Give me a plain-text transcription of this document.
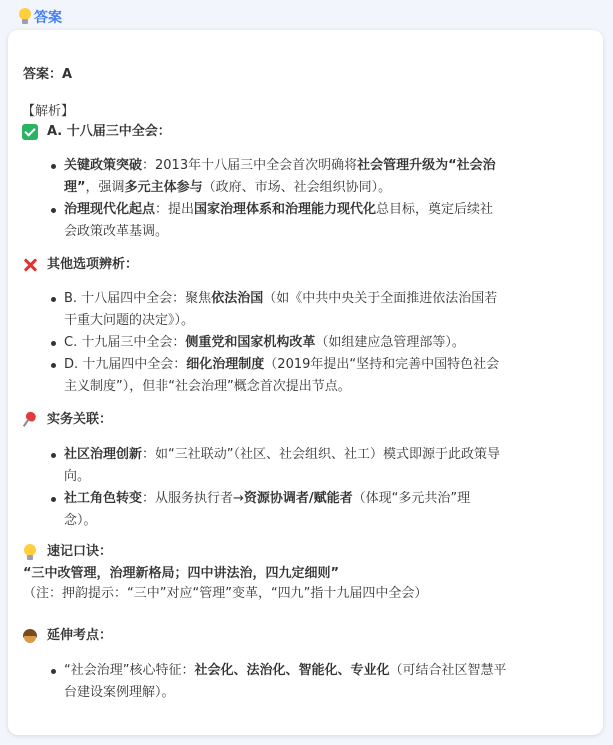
答案
答案：A
【解析】
A. 十八届三中全会：
关键政策突破：2013年十八届三中全会首次明确将社会管理升级为“社会治
理”，强调多元主体参与（政府、市场、社会组织协同）。
治理现代化起点：提出国家治理体系和治理能力现代化总目标，奠定后续社
会政策改革基调。
其他选项辨析：
B. 十八届四中全会：聚焦依法治国（如《中共中央关于全面推进依法治国若
干重大问题的决定》）。
C. 十九届三中全会：侧重党和国家机构改革（如组建应急管理部等）。
D. 十九届四中全会：细化治理制度（2019年提出“坚持和完善中国特色社会
主义制度”），但非“社会治理”概念首次提出节点。
实务关联：
社区治理创新：如“三社联动”（社区、社会组织、社工）模式即源于此政策导
向。
社工角色转变：从服务执行者→资源协调者/赋能者（体现“多元共治”理
念）。
速记口诀：
“三中改管理，治理新格局；四中讲法治，四九定细则”
（注：押韵提示：“三中”对应“管理”变革，“四九”指十九届四中全会）
延伸考点：
“社会治理”核心特征：社会化、法治化、智能化、专业化（可结合社区智慧平
台建设案例理解）。
